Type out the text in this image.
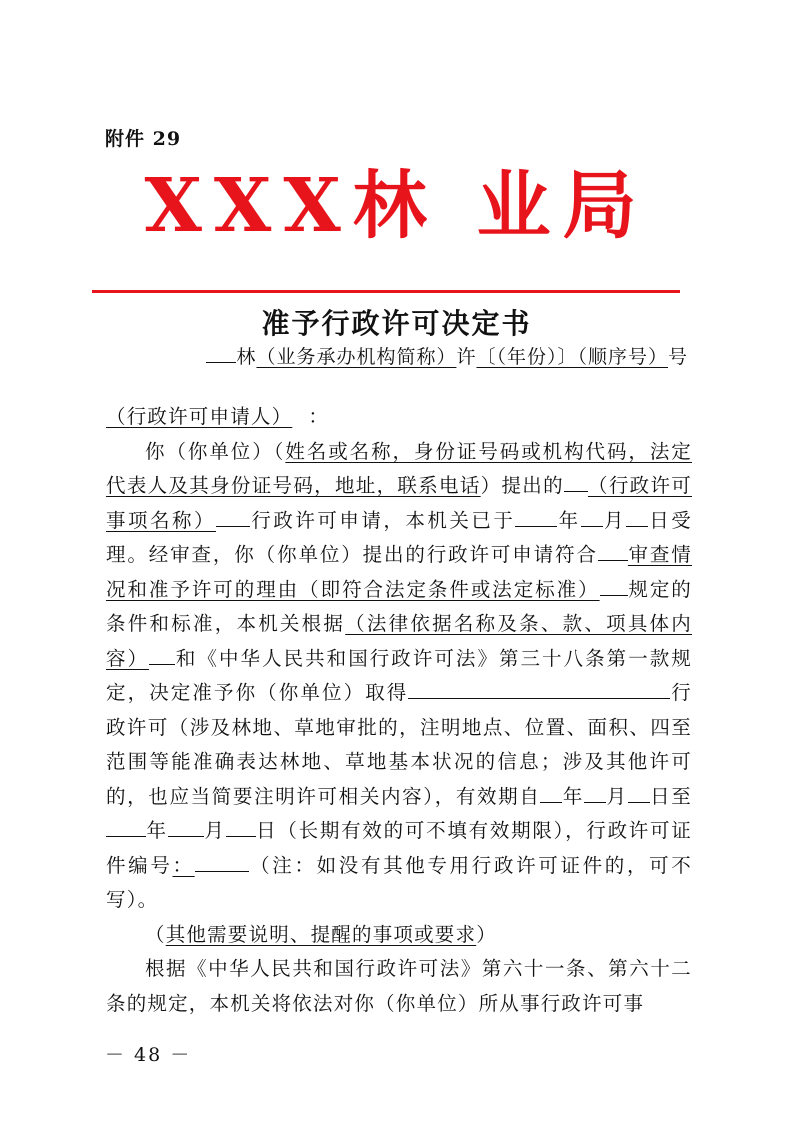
附件 29
XXX林 业局
准予行政许可决定书
林（业务承办机构简称）许〔（年份）〕（顺序号）号

（行政许可申请人） ：

你（你单位）（姓名或名称，身份证号码或机构代码，法定代表人及其身份证号码，地址，联系电话）提出的 （行政许可事项名称） 行政许可申请，本机关已于 年 月 日受理。经审查，你（你单位）提出的行政许可申请符合 审查情况和准予许可的理由（即符合法定条件或法定标准） 规定的条件和标准，本机关根据（法律依据名称及条、款、项具体内容） 和《中华人民共和国行政许可法》第三十八条第一款规定，决定准予你（你单位）取得	行政许可（涉及林地、草地审批的，注明地点、位置、面积、四至范围等能准确表达林地、草地基本状况的信息；涉及其他许可的，也应当简要注明许可相关内容），有效期自 年 月 日至年 月 日（长期有效的可不填有效期限），行政许可证件编号：	（注：如没有其他专用行政许可证件的，可不写）。

（其他需要说明、提醒的事项或要求）

根据《中华人民共和国行政许可法》第六十一条、第六十二条的规定，本机关将依法对你（你单位）所从事行政许可事

－ 48 －
